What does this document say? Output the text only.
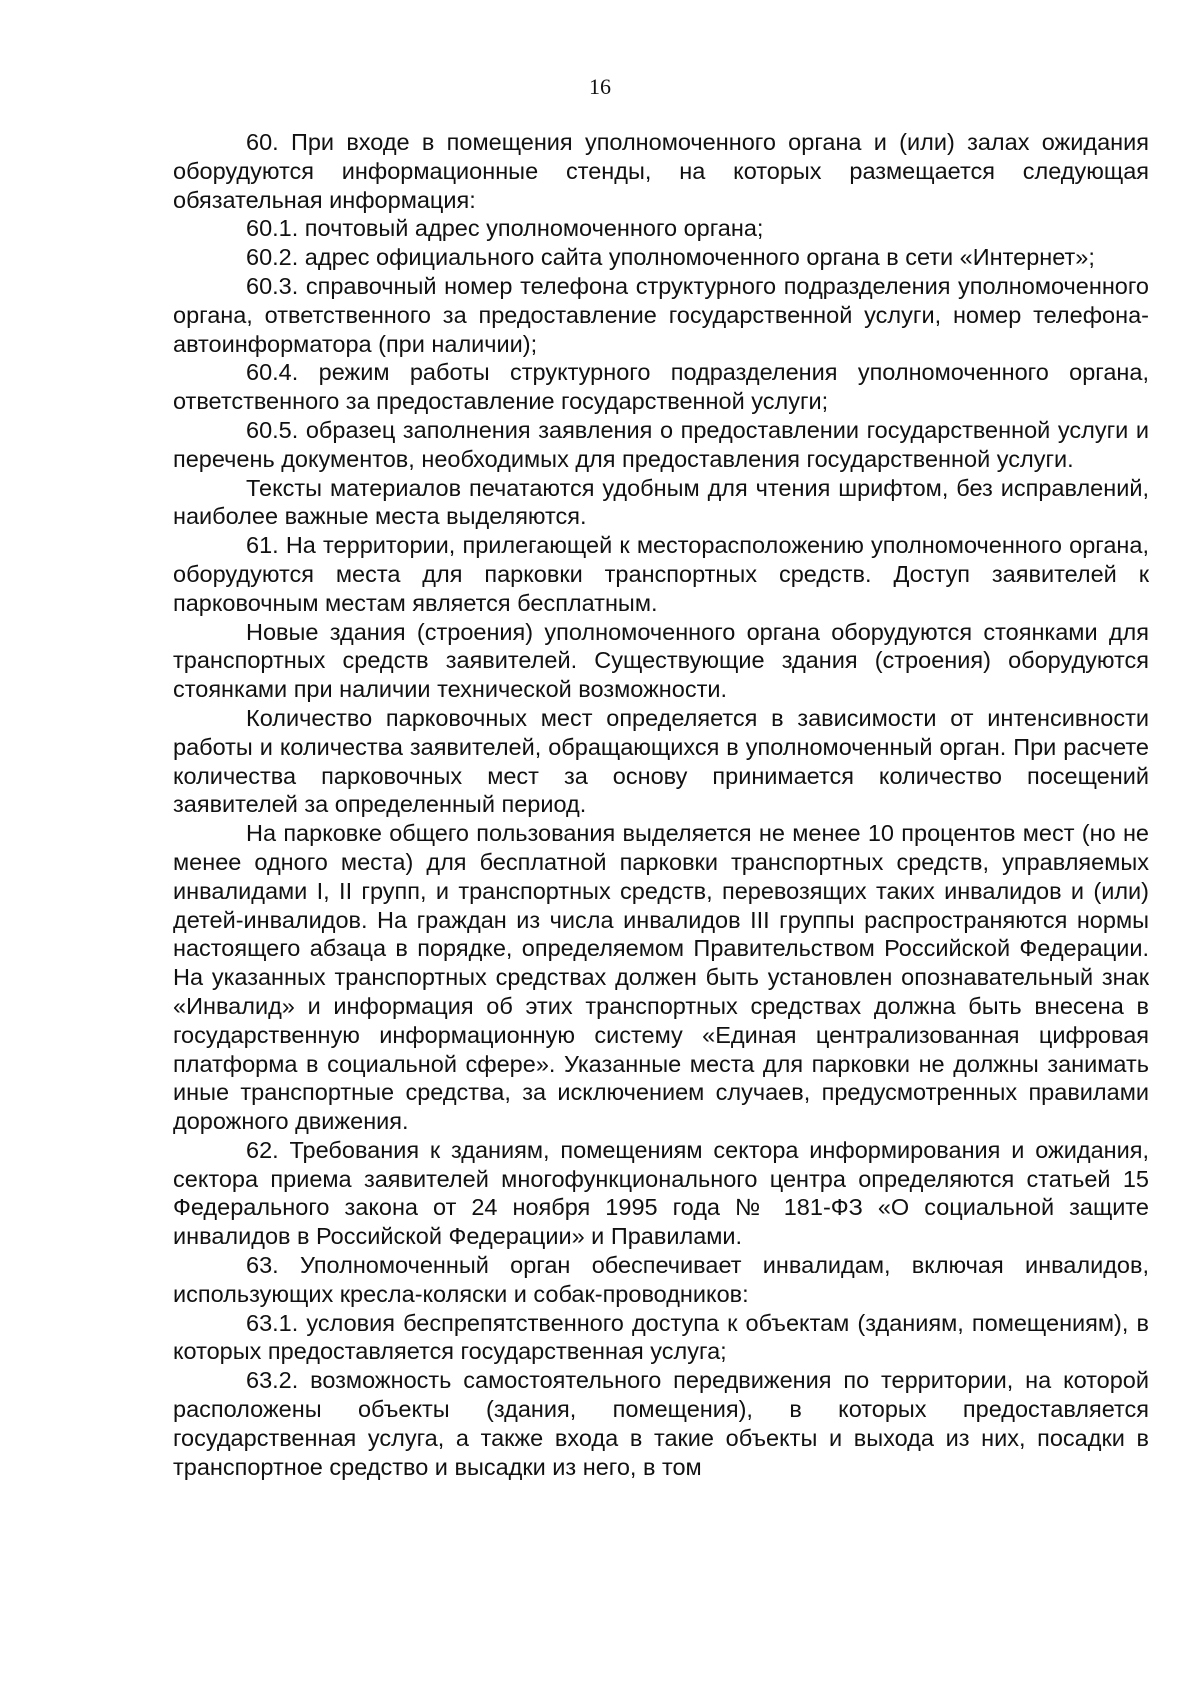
16

60. При входе в помещения уполномоченного органа и (или) залах ожидания оборудуются информационные стенды, на которых размещается следующая обязательная информация:

60.1. почтовый адрес уполномоченного органа;

60.2. адрес официального сайта уполномоченного органа в сети «Интернет»;

60.3. справочный номер телефона структурного подразделения уполномоченного органа, ответственного за предоставление государственной услуги, номер телефона-автоинформатора (при наличии);

60.4. режим работы структурного подразделения уполномоченного органа, ответственного за предоставление государственной услуги;

60.5. образец заполнения заявления о предоставлении государственной услуги и перечень документов, необходимых для предоставления государственной услуги.

Тексты материалов печатаются удобным для чтения шрифтом, без исправлений, наиболее важные места выделяются.

61. На территории, прилегающей к месторасположению уполномоченного органа, оборудуются места для парковки транспортных средств. Доступ заявителей к парковочным местам является бесплатным.

Новые здания (строения) уполномоченного органа оборудуются стоянками для транспортных средств заявителей. Существующие здания (строения) оборудуются стоянками при наличии технической возможности.

Количество парковочных мест определяется в зависимости от интенсивности работы и количества заявителей, обращающихся в уполномоченный орган. При расчете количества парковочных мест за основу принимается количество посещений заявителей за определенный период.

На парковке общего пользования выделяется не менее 10 процентов мест (но не менее одного места) для бесплатной парковки транспортных средств, управляемых инвалидами I, II групп, и транспортных средств, перевозящих таких инвалидов и (или) детей-инвалидов. На граждан из числа инвалидов III группы распространяются нормы настоящего абзаца в порядке, определяемом Правительством Российской Федерации. На указанных транспортных средствах должен быть установлен опознавательный знак «Инвалид» и информация об этих транспортных средствах должна быть внесена в государственную информационную систему «Единая централизованная цифровая платформа в социальной сфере». Указанные места для парковки не должны занимать иные транспортные средства, за исключением случаев, предусмотренных правилами дорожного движения.

62. Требования к зданиям, помещениям сектора информирования и ожидания, сектора приема заявителей многофункционального центра определяются статьей 15 Федерального закона от 24 ноября 1995 года № 181-ФЗ «О социальной защите инвалидов в Российской Федерации» и Правилами.

63. Уполномоченный орган обеспечивает инвалидам, включая инвалидов, использующих кресла-коляски и собак-проводников:

63.1. условия беспрепятственного доступа к объектам (зданиям, помещениям), в которых предоставляется государственная услуга;

63.2. возможность самостоятельного передвижения по территории, на которой расположены объекты (здания, помещения), в которых предоставляется государственная услуга, а также входа в такие объекты и выхода из них, посадки в транспортное средство и высадки из него, в том
